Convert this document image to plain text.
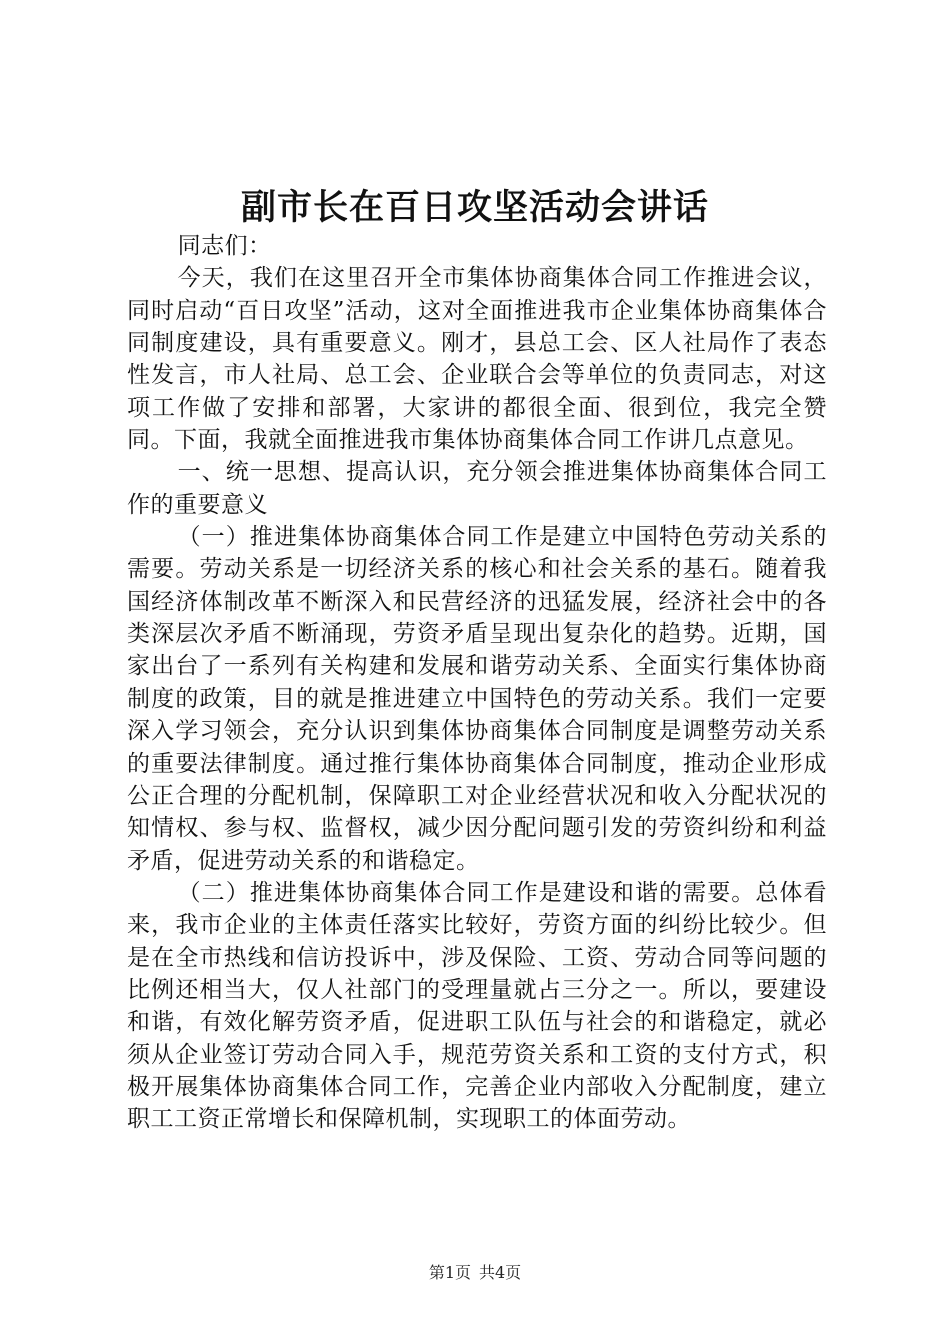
副市长在百日攻坚活动会讲话

同志们：

今天，我们在这里召开全市集体协商集体合同工作推进会议，同时启动“百日攻坚”活动，这对全面推进我市企业集体协商集体合同制度建设，具有重要意义。刚才，县总工会、区人社局作了表态性发言，市人社局、总工会、企业联合会等单位的负责同志，对这项工作做了安排和部署，大家讲的都很全面、很到位，我完全赞同。下面，我就全面推进我市集体协商集体合同工作讲几点意见。

一、统一思想、提高认识，充分领会推进集体协商集体合同工作的重要意义

（一）推进集体协商集体合同工作是建立中国特色劳动关系的需要。劳动关系是一切经济关系的核心和社会关系的基石。随着我国经济体制改革不断深入和民营经济的迅猛发展，经济社会中的各类深层次矛盾不断涌现，劳资矛盾呈现出复杂化的趋势。近期，国家出台了一系列有关构建和发展和谐劳动关系、全面实行集体协商制度的政策，目的就是推进建立中国特色的劳动关系。我们一定要深入学习领会，充分认识到集体协商集体合同制度是调整劳动关系的重要法律制度。通过推行集体协商集体合同制度，推动企业形成公正合理的分配机制，保障职工对企业经营状况和收入分配状况的知情权、参与权、监督权，减少因分配问题引发的劳资纠纷和利益矛盾，促进劳动关系的和谐稳定。

（二）推进集体协商集体合同工作是建设和谐的需要。总体看来，我市企业的主体责任落实比较好，劳资方面的纠纷比较少。但是在全市热线和信访投诉中，涉及保险、工资、劳动合同等问题的比例还相当大，仅人社部门的受理量就占三分之一。所以，要建设和谐，有效化解劳资矛盾，促进职工队伍与社会的和谐稳定，就必须从企业签订劳动合同入手，规范劳资关系和工资的支付方式，积极开展集体协商集体合同工作，完善企业内部收入分配制度，建立职工工资正常增长和保障机制，实现职工的体面劳动。

第1页 共4页
